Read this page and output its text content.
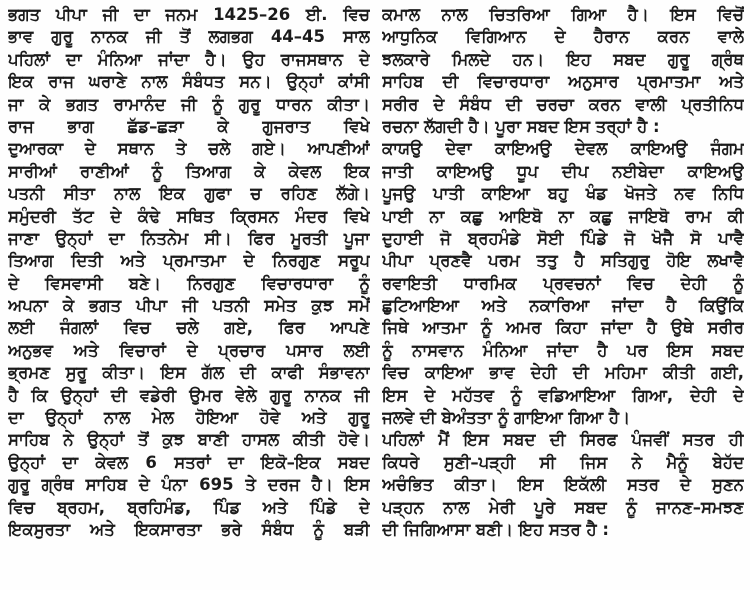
ਭਗਤ ਪੀਪਾ ਜੀ ਦਾ ਜਨਮ 1425–26 ਈ. ਵਿਚ
ਭਾਵ ਗੁਰੂ ਨਾਨਕ ਜੀ ਤੋਂ ਲਗਭਗ 44–45 ਸਾਲ
ਪਹਿਲਾਂ ਦਾ ਮੰਨਿਆ ਜਾਂਦਾ ਹੈ। ਉਹ ਰਾਜਸਥਾਨ ਦੇ
ਇਕ ਰਾਜ ਘਰਾਣੇ ਨਾਲ ਸੰਬੰਧਤ ਸਨ। ਉਨ੍ਹਾਂ ਕਾਂਸੀ
ਜਾ ਕੇ ਭਗਤ ਰਾਮਾਨੰਦ ਜੀ ਨੂੰ ਗੁਰੂ ਧਾਰਨ ਕੀਤਾ।
ਰਾਜ ਭਾਗ ਛੱਡ–ਛੜਾ ਕੇ ਗੁਜਰਾਤ ਵਿਖੇ
ਦੁਆਰਕਾ ਦੇ ਸਥਾਨ ਤੇ ਚਲੇ ਗਏ। ਆਪਣੀਆਂ
ਸਾਰੀਆਂ ਰਾਣੀਆਂ ਨੂੰ ਤਿਆਗ ਕੇ ਕੇਵਲ ਇਕ
ਪਤਨੀ ਸੀਤਾ ਨਾਲ ਇਕ ਗੁਫਾ ਚ ਰਹਿਣ ਲੱਗੇ।
ਸਮੁੰਦਰੀ ਤੱਟ ਦੇ ਕੰਢੇ ਸਥਿਤ ਕ੍ਰਿਸਨ ਮੰਦਰ ਵਿਖੇ
ਜਾਣਾ ਉਨ੍ਹਾਂ ਦਾ ਨਿਤਨੇਮ ਸੀ। ਫਿਰ ਮੂਰਤੀ ਪੂਜਾ
ਤਿਆਗ ਦਿਤੀ ਅਤੇ ਪ੍ਰਮਾਤਮਾ ਦੇ ਨਿਰਗੁਣ ਸਰੂਪ
ਦੇ ਵਿਸਵਾਸੀ ਬਣੇ। ਨਿਰਗੁਣ ਵਿਚਾਰਧਾਰਾ ਨੂੰ
ਅਪਨਾ ਕੇ ਭਗਤ ਪੀਪਾ ਜੀ ਪਤਨੀ ਸਮੇਤ ਕੁਝ ਸਮੇਂ
ਲਈ ਜੰਗਲਾਂ ਵਿਚ ਚਲੇ ਗਏ, ਫਿਰ ਆਪਣੇ
ਅਨੁਭਵ ਅਤੇ ਵਿਚਾਰਾਂ ਦੇ ਪ੍ਰਚਾਰ ਪਸਾਰ ਲਈ
ਭ੍ਰਮਣ ਸੁਰੂ ਕੀਤਾ। ਇਸ ਗੱਲ ਦੀ ਕਾਫੀ ਸੰਭਾਵਨਾ
ਹੈ ਕਿ ਉਨ੍ਹਾਂ ਦੀ ਵਡੇਰੀ ਉਮਰ ਵੇਲੇ ਗੁਰੂ ਨਾਨਕ ਜੀ
ਦਾ ਉਨ੍ਹਾਂ ਨਾਲ ਮੇਲ ਹੋਇਆ ਹੋਵੇ ਅਤੇ ਗੁਰੂ
ਸਾਹਿਬ ਨੇ ਉਨ੍ਹਾਂ ਤੋਂ ਕੁਝ ਬਾਣੀ ਹਾਸਲ ਕੀਤੀ ਹੋਵੇ।
ਉਨ੍ਹਾਂ ਦਾ ਕੇਵਲ 6 ਸਤਰਾਂ ਦਾ ਇਕੋ–ਇਕ ਸਬਦ
ਗੁਰੂ ਗ੍ਰੰਥ ਸਾਹਿਬ ਦੇ ਪੰਨਾ 695 ਤੇ ਦਰਜ ਹੈ। ਇਸ
ਵਿਚ ਬ੍ਰਹਮ, ਬ੍ਰਹਿਮੰਡ, ਪਿੰਡ ਅਤੇ ਪਿੰਡੇ ਦੇ
ਇਕਸੁਰਤਾ ਅਤੇ ਇਕਸਾਰਤਾ ਭਰੇ ਸੰਬੰਧ ਨੂੰ ਬੜੀ
ਕਮਾਲ ਨਾਲ ਚਿਤਰਿਆ ਗਿਆ ਹੈ। ਇਸ ਵਿਚੋਂ
ਆਧੁਨਿਕ ਵਿਗਿਆਨ ਦੇ ਹੈਰਾਨ ਕਰਨ ਵਾਲੇ
ਝਲਕਾਰੇ ਮਿਲਦੇ ਹਨ। ਇਹ ਸਬਦ ਗੁਰੂ ਗ੍ਰੰਥ
ਸਾਹਿਬ ਦੀ ਵਿਚਾਰਧਾਰਾ ਅਨੁਸਾਰ ਪ੍ਰਮਾਤਮਾ ਅਤੇ
ਸਰੀਰ ਦੇ ਸੰਬੰਧ ਦੀ ਚਰਚਾ ਕਰਨ ਵਾਲੀ ਪ੍ਰਤੀਨਿਧ
ਰਚਨਾ ਲੱਗਦੀ ਹੈ। ਪੂਰਾ ਸਬਦ ਇਸ ਤਰ੍ਹਾਂ ਹੈ :
ਕਾਯਉ ਦੇਵਾ ਕਾਇਅਉ ਦੇਵਲ ਕਾਇਅਉ ਜੰਗਮ
ਜਾਤੀ ਕਾਇਅਉ ਧੂਪ ਦੀਪ ਨਈਬੇਦਾ ਕਾਇਅਉ
ਪੂਜਉ ਪਾਤੀ ਕਾਇਆ ਬਹੁ ਖੰਡ ਖੋਜਤੇ ਨਵ ਨਿਧਿ
ਪਾਈ ਨਾ ਕਛੁ ਆਇਬੋ ਨਾ ਕਛੁ ਜਾਇਬੋ ਰਾਮ ਕੀ
ਦੁਹਾਈ ਜੋ ਬ੍ਰਹਮੰਡੇ ਸੋਈ ਪਿੰਡੇ ਜੋ ਖੋਜੈ ਸੋ ਪਾਵੈ
ਪੀਪਾ ਪ੍ਰਣਵੈ ਪਰਮ ਤਤੁ ਹੈ ਸਤਿਗੁਰੁ ਹੋਇ ਲਖਾਵੈ
ਰਵਾਇਤੀ ਧਾਰਮਿਕ ਪ੍ਰਵਚਨਾਂ ਵਿਚ ਦੇਹੀ ਨੂੰ
ਛੁਟਿਆਇਆ ਅਤੇ ਨਕਾਰਿਆ ਜਾਂਦਾ ਹੈ ਕਿਉਂਕਿ
ਜਿਥੇ ਆਤਮਾ ਨੂੰ ਅਮਰ ਕਿਹਾ ਜਾਂਦਾ ਹੈ ਉਥੇ ਸਰੀਰ
ਨੂੰ ਨਾਸਵਾਨ ਮੰਨਿਆ ਜਾਂਦਾ ਹੈ ਪਰ ਇਸ ਸਬਦ
ਵਿਚ ਕਾਇਆ ਭਾਵ ਦੇਹੀ ਦੀ ਮਹਿਮਾ ਕੀਤੀ ਗਈ,
ਇਸ ਦੇ ਮਹੱਤਵ ਨੂੰ ਵਡਿਆਇਆ ਗਿਆ, ਦੇਹੀ ਦੇ
ਜਲਵੇ ਦੀ ਬੇਅੰਤਤਾ ਨੂੰ ਗਾਇਆ ਗਿਆ ਹੈ।
ਪਹਿਲਾਂ ਮੈਂ ਇਸ ਸਬਦ ਦੀ ਸਿਰਫ ਪੰਜਵੀਂ ਸਤਰ ਹੀ
ਕਿਧਰੇ ਸੁਣੀ–ਪੜ੍ਹੀ ਸੀ ਜਿਸ ਨੇ ਮੈਨੂੰ ਬੇਹੱਦ
ਅਚੰਭਿਤ ਕੀਤਾ। ਇਸ ਇਕੱਲੀ ਸਤਰ ਦੇ ਸੁਣਨ
ਪੜ੍ਹਨ ਨਾਲ ਮੇਰੀ ਪੂਰੇ ਸਬਦ ਨੂੰ ਜਾਨਣ–ਸਮਝਣ
ਦੀ ਜਿਗਿਆਸਾ ਬਣੀ। ਇਹ ਸਤਰ ਹੈ :
